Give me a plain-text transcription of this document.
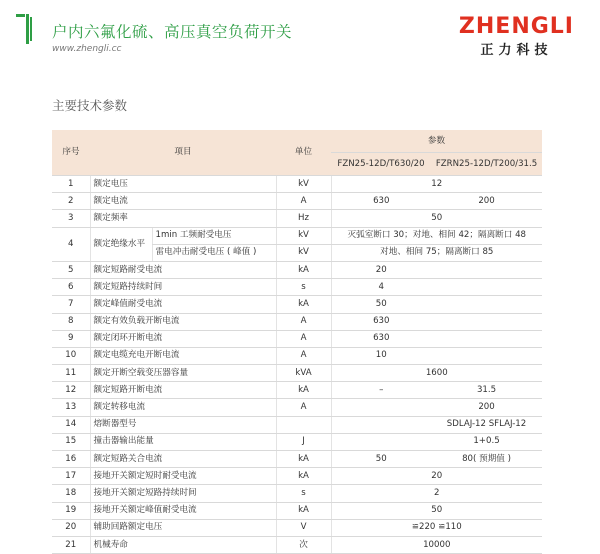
户内六氟化硫、高压真空负荷开关
www.zhengli.cc
ZHENGLI
正力科技
主要技术参数
序号	项目		单位	参数	
				FZN25-12D/T630/20	FZRN25-12D/T200/31.5
1	额定电压		kV	12	
2	额定电流		A	630	200
3	额定频率		Hz	50	
4	额定绝缘水平	1min 工频耐受电压	kV	灭弧室断口 30；对地、相间 42；隔离断口 48	
		雷电冲击耐受电压 ( 峰值 )	kV	对地、相间 75；隔离断口 85	
5	额定短路耐受电流		kA	20	
6	额定短路持续时间		s	4	
7	额定峰值耐受电流		kA	50	
8	额定有效负载开断电流		A	630	
9	额定闭环开断电流		A	630	
10	额定电缆充电开断电流		A	10	
11	额定开断空载变压器容量		kVA	1600	
12	额定短路开断电流		kA	–	31.5
13	额定转移电流		A		200
14	熔断器型号				SDLAJ-12 SFLAJ-12
15	撞击器输出能量		J		1+0.5
16	额定短路关合电流		kA	50	80( 预期值 )
17	接地开关额定短时耐受电流		kA	20	
18	接地开关额定短路持续时间		s	2	
19	接地开关额定峰值耐受电流		kA	50	
20	辅助回路额定电压		V	≌220 ≌110	
21	机械寿命		次	10000	
